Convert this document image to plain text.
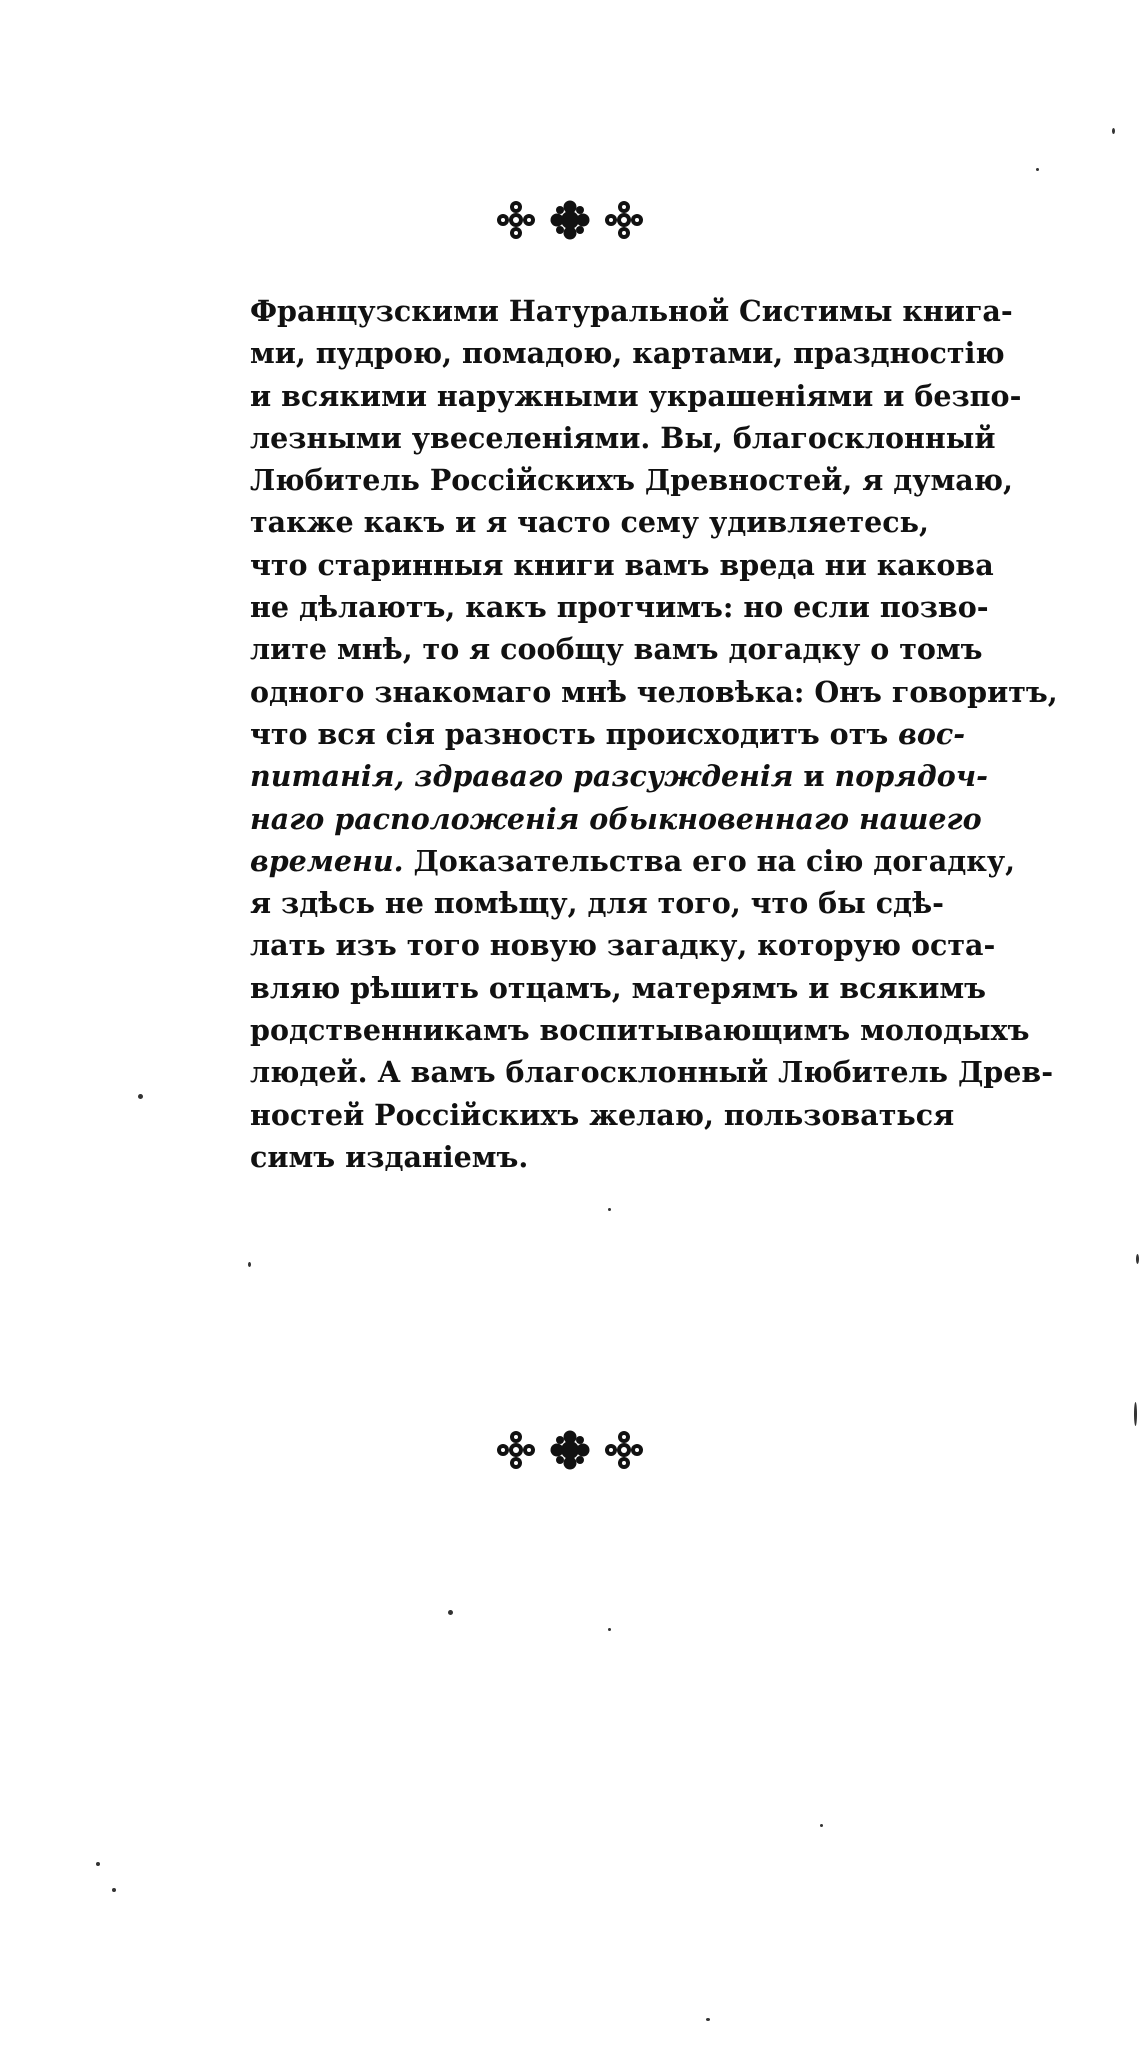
Французскими Натуральной Систимы книга-
ми, пудрою, помадою, картами, праздностію
и всякими наружными украшеніями и безпо-
лезными увеселеніями. Вы, благосклонный
Любитель Россійскихъ Древностей, я думаю,
также какъ и я часто сему удивляетесь,
что старинныя книги вамъ вреда ни какова
не дѣлаютъ, какъ протчимъ: но если позво-
лите мнѣ, то я сообщу вамъ догадку о томъ
одного знакомаго мнѣ человѣка: Онъ говоритъ,
что вся сія разность происходитъ отъ вос-
питанія, здраваго разсужденія и порядоч-
наго расположенія обыкновеннаго нашего
времени. Доказательства его на сію догадку,
я здѣсь не помѣщу, для того, что бы сдѣ-
лать изъ того новую загадку, которую оста-
вляю рѣшить отцамъ, матерямъ и всякимъ
родственникамъ воспитывающимъ молодыхъ
людей. А вамъ благосклонный Любитель Древ-
ностей Россійскихъ желаю, пользоваться
симъ изданіемъ.
